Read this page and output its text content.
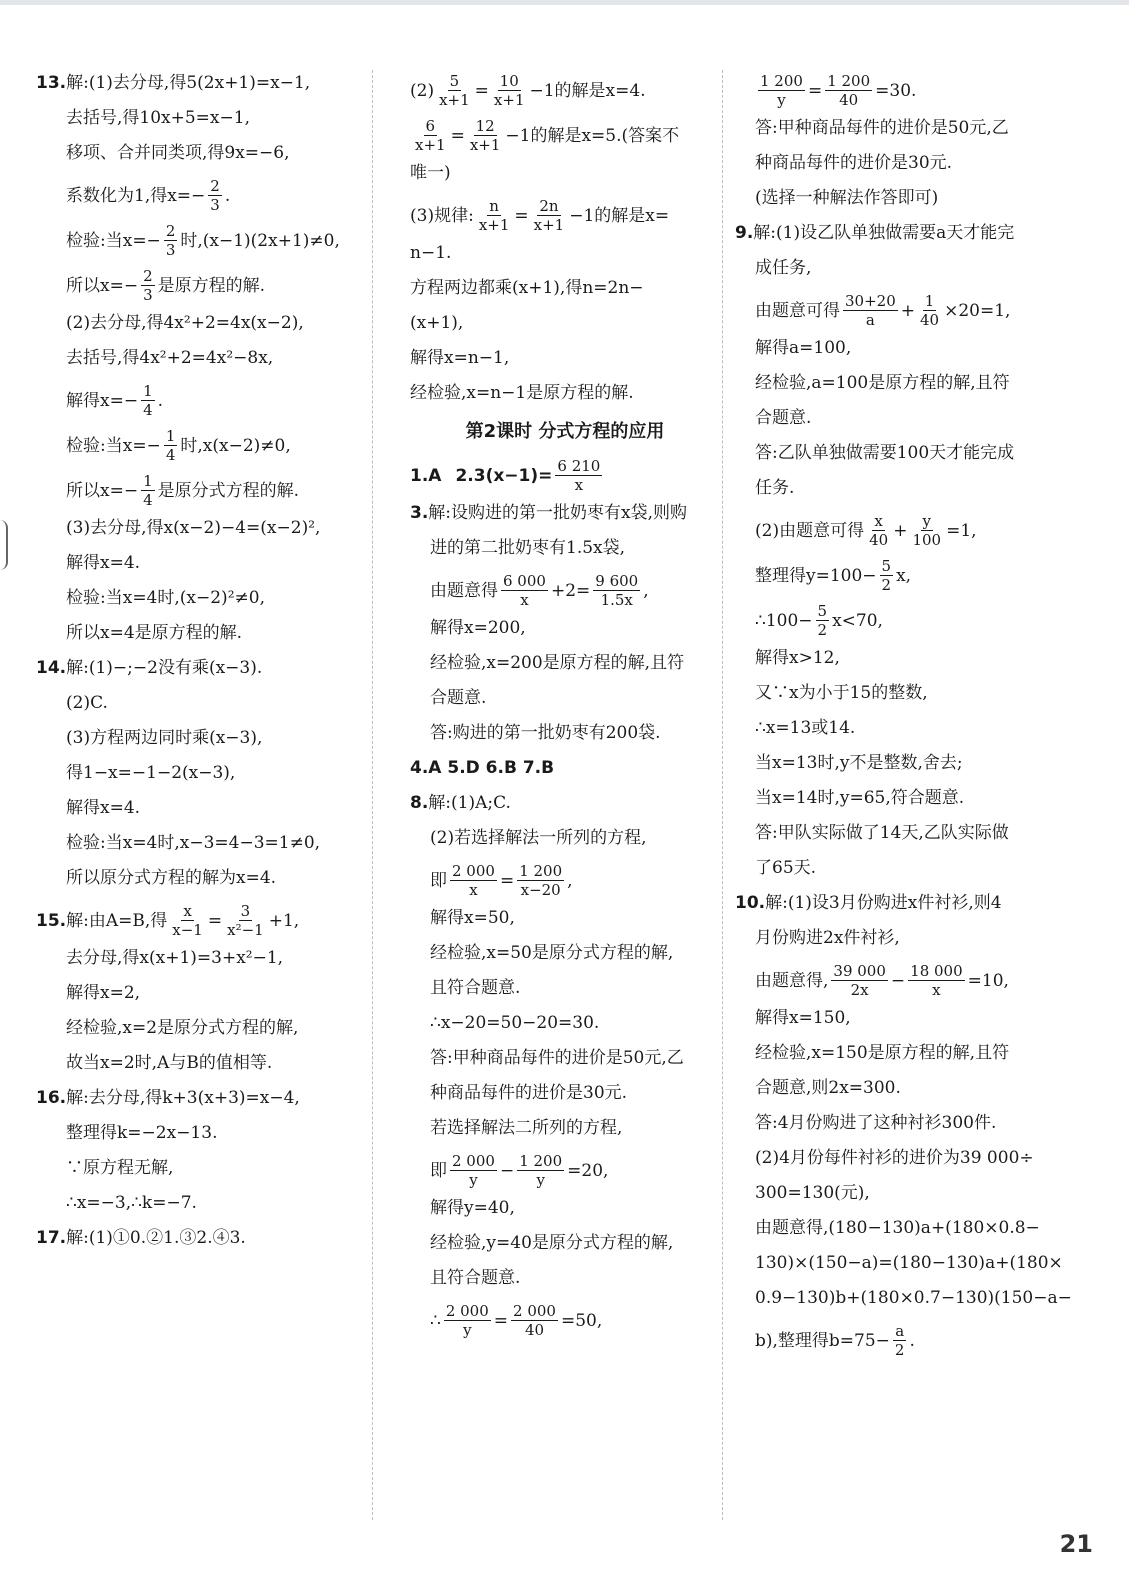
13. 解:(1)去分母,得5(2x+1)=x−1,
去括号,得10x+5=x−1,
移项、合并同类项,得9x=−6,
系数化为1,得$x=- \frac{2}{3}$ .
检验:当$x=- \frac{2}{3}$ 时,(x−1)(2x+1)≠0,
所以$x=- \frac{2}{3}$ 是原方程的解.
(2)去分母,得4x²+2=4x(x−2),
去括号,得4x²+2=4x²−8x,
解得$x=- \frac{1}{4}$ .
检验:当$x=- \frac{1}{4}$ 时,x(x−2)≠0,
所以$x=- \frac{1}{4}$ 是原分式方程的解.
(3)去分母,得x(x−2)−4=(x−2)²,
解得x=4.
检验:当x=4时,(x−2)²≠0,
所以x=4是原方程的解.
14. 解:(1)−;−2没有乘(x−3).
(2)C.
(3)方程两边同时乘(x−3),
得1−x=−1−2(x−3),
解得x=4.
检验:当x=4时,x−3=4−3=1≠0,
所以原分式方程的解为x=4.
15. 解:由A=B,得 $\frac{x}{x-1} = \frac{3}{\text{x²−1}} +1$,
去分母,得x(x+1)=3+x²−1,
解得x=2,
经检验,x=2是原分式方程的解,
故当x=2时,A与B的值相等.
16. 解:去分母,得k+3(x+3)=x−4,
整理得k=−2x−13.
∵原方程无解,
∴x=−3,∴k=−7.
17. 解:(1)①0.②1.③2.④3.
$(2) \frac{5}{x+1} = \frac{10}{x+1} -1$的解是x=4.
$\frac{6}{x+1} = \frac{12}{x+1} -1$的解是x=5.(答案不
唯一)
(3)规律: $\frac{n}{x+1} = \frac{2n}{x+1} -1$的解是x=
n−1.
方程两边都乘(x+1),得n=2n−
(x+1),
解得x=n−1,
经检验,x=n−1是原方程的解.
第2课时 分式方程的应用
1.A $2.3(x-1)= \frac{6 210}{x}$
3. 解:设购进的第一批奶枣有x袋,则购
进的第二批奶枣有1.5x袋,
由题意得 $\frac{6 000}{x} +2= \frac{9 600}{1.5x}$ ,
解得x=200,
经检验,x=200是原方程的解,且符
合题意.
答:购进的第一批奶枣有200袋.
4.A 5.D 6.B 7.B
8. 解:(1)A;C.
(2)若选择解法一所列的方程,
即 $\frac{2 000}{x} = \frac{1 200}{x-20}$ ,
解得x=50,
经检验,x=50是原分式方程的解,
且符合题意.
∴x−20=50−20=30.
答:甲种商品每件的进价是50元,乙
种商品每件的进价是30元.
若选择解法二所列的方程,
即 $\frac{2 000}{y} - \frac{1 200}{y} =20$,
解得y=40,
经检验,y=40是原分式方程的解,
且符合题意.
∴ $\frac{2 000}{y} = \frac{2 000}{40} =50$,
$\frac{1 200}{y} = \frac{1 200}{40} =30$.
答:甲种商品每件的进价是50元,乙
种商品每件的进价是30元.
(选择一种解法作答即可)
9. 解:(1)设乙队单独做需要a天才能完
成任务,
由题意可得 $\frac{30+20}{a} + \frac{1}{40} \times 20=1$,
解得a=100,
经检验,a=100是原方程的解,且符
合题意.
答:乙队单独做需要100天才能完成
任务.
(2)由题意可得 $\frac{x}{40} + \frac{y}{100} =1$,
整理得$y=100- \frac{5}{2} x$,
∴100− $\frac{5}{2} x<70$,
解得x>12,
又∵x为小于15的整数,
∴x=13或14.
当x=13时,y不是整数,舍去;
当x=14时,y=65,符合题意.
答:甲队实际做了14天,乙队实际做
了65天.
10. 解:(1)设3月份购进x件衬衫,则4
月份购进2x件衬衫,
由题意得, $\frac{39 000}{2x} - \frac{18 000}{x} =10$,
解得x=150,
经检验,x=150是原方程的解,且符
合题意,则2x=300.
答:4月份购进了这种衬衫300件.
(2)4月份每件衬衫的进价为39 000÷
300=130(元),
由题意得,(180−130)a+(180×0.8−
130)×(150−a)=(180−130)a+(180×
0.9−130)b+(180×0.7−130)(150−a−
b),整理得$b=75- \frac{a}{2}$ .
21
